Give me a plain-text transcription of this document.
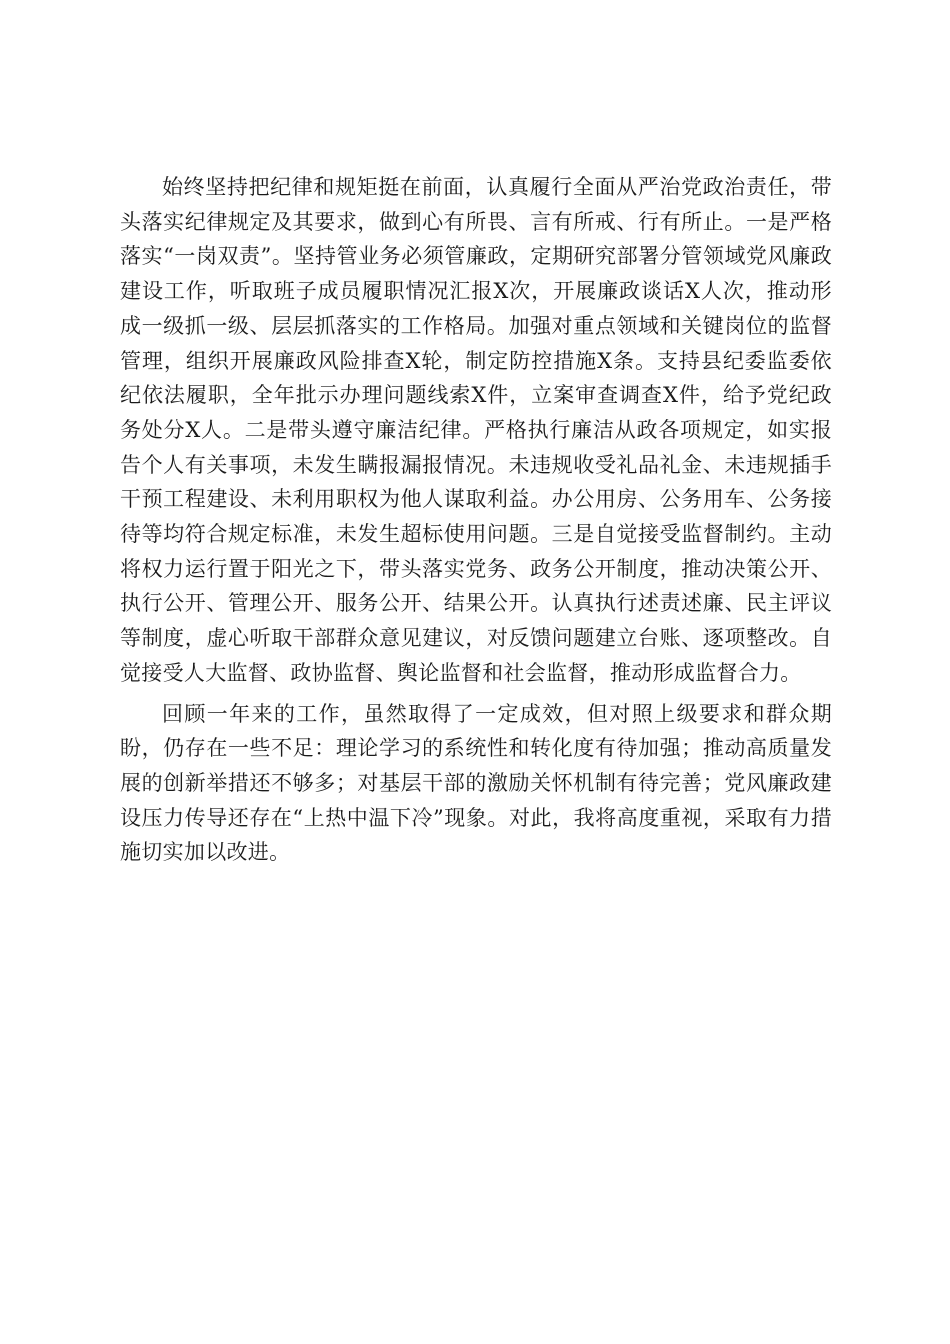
始终坚持把纪律和规矩挺在前面，认真履行全面从严治党政治责任，带头落实纪律规定及其要求，做到心有所畏、言有所戒、行有所止。一是严格落实“一岗双责”。坚持管业务必须管廉政，定期研究部署分管领域党风廉政建设工作，听取班子成员履职情况汇报X次，开展廉政谈话X人次，推动形成一级抓一级、层层抓落实的工作格局。加强对重点领域和关键岗位的监督管理，组织开展廉政风险排查X轮，制定防控措施X条。支持县纪委监委依纪依法履职，全年批示办理问题线索X件，立案审查调查X件，给予党纪政务处分X人。二是带头遵守廉洁纪律。严格执行廉洁从政各项规定，如实报告个人有关事项，未发生瞒报漏报情况。未违规收受礼品礼金、未违规插手干预工程建设、未利用职权为他人谋取利益。办公用房、公务用车、公务接待等均符合规定标准，未发生超标使用问题。三是自觉接受监督制约。主动将权力运行置于阳光之下，带头落实党务、政务公开制度，推动决策公开、执行公开、管理公开、服务公开、结果公开。认真执行述责述廉、民主评议等制度，虚心听取干部群众意见建议，对反馈问题建立台账、逐项整改。自觉接受人大监督、政协监督、舆论监督和社会监督，推动形成监督合力。

回顾一年来的工作，虽然取得了一定成效，但对照上级要求和群众期盼，仍存在一些不足：理论学习的系统性和转化度有待加强；推动高质量发展的创新举措还不够多；对基层干部的激励关怀机制有待完善；党风廉政建设压力传导还存在“上热中温下冷”现象。对此，我将高度重视，采取有力措施切实加以改进。
